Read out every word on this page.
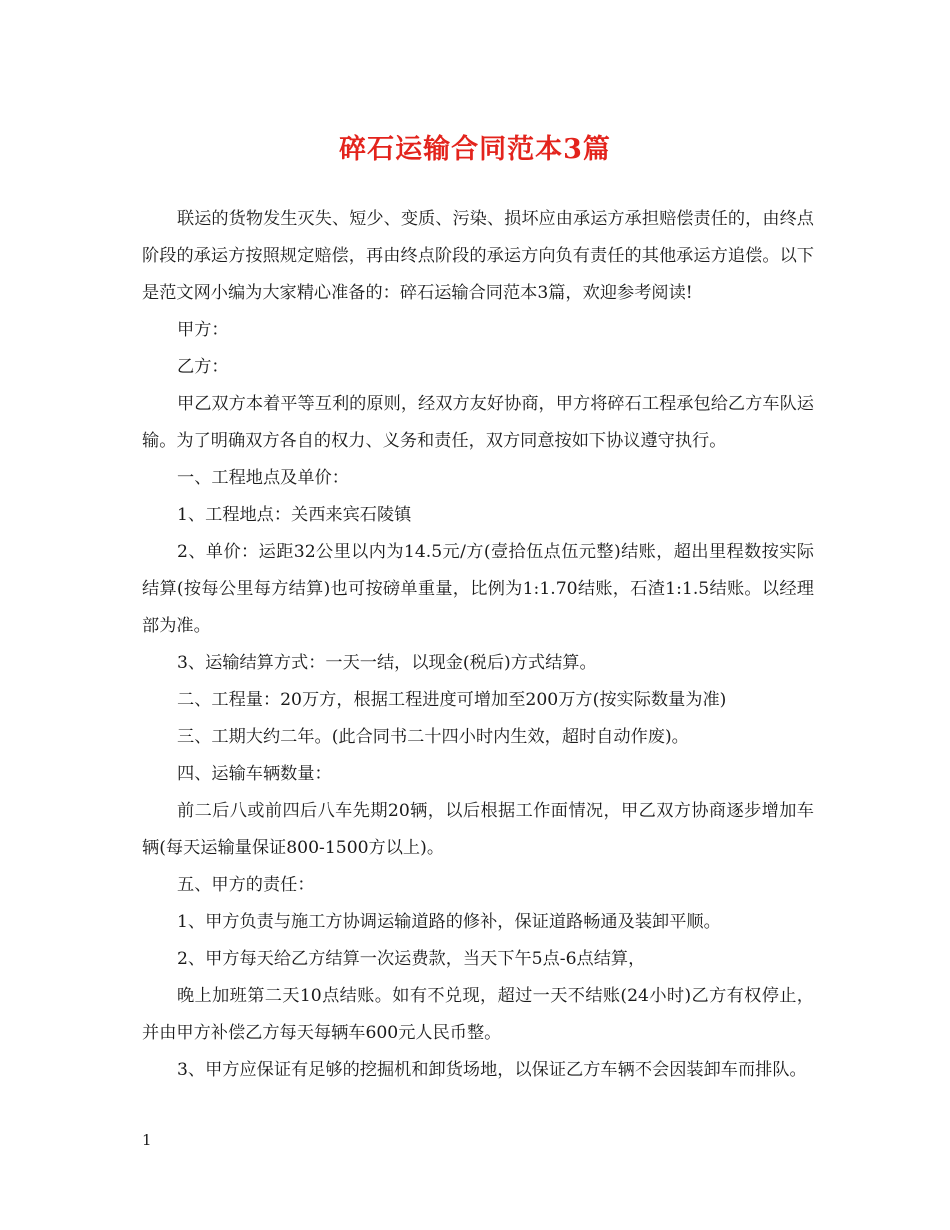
碎石运输合同范本3篇

联运的货物发生灭失、短少、变质、污染、损坏应由承运方承担赔偿责任的，由终点阶段的承运方按照规定赔偿，再由终点阶段的承运方向负有责任的其他承运方追偿。以下是范文网小编为大家精心准备的：碎石运输合同范本3篇，欢迎参考阅读!

甲方：

乙方：

甲乙双方本着平等互利的原则，经双方友好协商，甲方将碎石工程承包给乙方车队运输。为了明确双方各自的权力、义务和责任，双方同意按如下协议遵守执行。

一、工程地点及单价：

1、工程地点：关西来宾石陵镇

2、单价：运距32公里以内为14.5元/方(壹拾伍点伍元整)结账，超出里程数按实际结算(按每公里每方结算)也可按磅单重量，比例为1:1.70结账，石渣1:1.5结账。以经理部为准。

3、运输结算方式：一天一结，以现金(税后)方式结算。

二、工程量：20万方，根据工程进度可增加至200万方(按实际数量为准)

三、工期大约二年。(此合同书二十四小时内生效，超时自动作废)。

四、运输车辆数量：

前二后八或前四后八车先期20辆，以后根据工作面情况，甲乙双方协商逐步增加车辆(每天运输量保证800-1500方以上)。

五、甲方的责任：

1、甲方负责与施工方协调运输道路的修补，保证道路畅通及装卸平顺。

2、甲方每天给乙方结算一次运费款，当天下午5点-6点结算，

晚上加班第二天10点结账。如有不兑现，超过一天不结账(24小时)乙方有权停止，并由甲方补偿乙方每天每辆车600元人民币整。

3、甲方应保证有足够的挖掘机和卸货场地，以保证乙方车辆不会因装卸车而排队。

1
